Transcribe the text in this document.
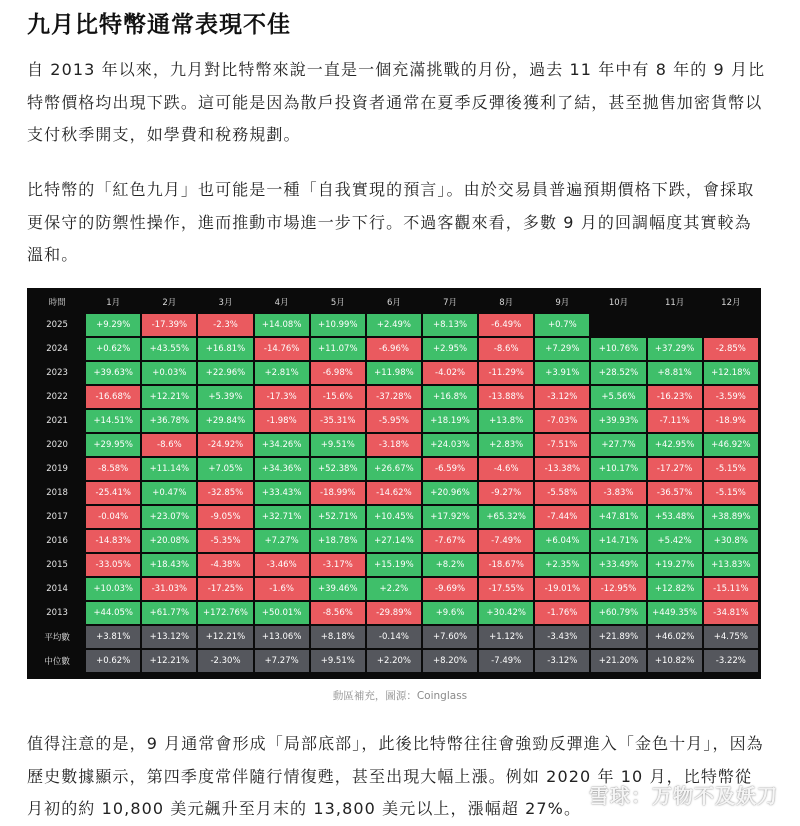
九月比特幣通常表現不佳

自 2013 年以來，九月對比特幣來說一直是一個充滿挑戰的月份，過去 11 年中有 8 年的 9 月比特幣價格均出現下跌。這可能是因為散戶投資者通常在夏季反彈後獲利了結，甚至拋售加密貨幣以支付秋季開支，如學費和稅務規劃。

比特幣的「紅色九月」也可能是一種「自我實現的預言」。由於交易員普遍預期價格下跌，會採取更保守的防禦性操作，進而推動市場進一步下行。不過客觀來看，多數 9 月的回調幅度其實較為溫和。

時間	1月	2月	3月	4月	5月	6月	7月	8月	9月	10月	11月	12月
2025	+9.29%	-17.39%	-2.3%	+14.08%	+10.99%	+2.49%	+8.13%	-6.49%	+0.7%			
2024	+0.62%	+43.55%	+16.81%	-14.76%	+11.07%	-6.96%	+2.95%	-8.6%	+7.29%	+10.76%	+37.29%	-2.85%
2023	+39.63%	+0.03%	+22.96%	+2.81%	-6.98%	+11.98%	-4.02%	-11.29%	+3.91%	+28.52%	+8.81%	+12.18%
2022	-16.68%	+12.21%	+5.39%	-17.3%	-15.6%	-37.28%	+16.8%	-13.88%	-3.12%	+5.56%	-16.23%	-3.59%
2021	+14.51%	+36.78%	+29.84%	-1.98%	-35.31%	-5.95%	+18.19%	+13.8%	-7.03%	+39.93%	-7.11%	-18.9%
2020	+29.95%	-8.6%	-24.92%	+34.26%	+9.51%	-3.18%	+24.03%	+2.83%	-7.51%	+27.7%	+42.95%	+46.92%
2019	-8.58%	+11.14%	+7.05%	+34.36%	+52.38%	+26.67%	-6.59%	-4.6%	-13.38%	+10.17%	-17.27%	-5.15%
2018	-25.41%	+0.47%	-32.85%	+33.43%	-18.99%	-14.62%	+20.96%	-9.27%	-5.58%	-3.83%	-36.57%	-5.15%
2017	-0.04%	+23.07%	-9.05%	+32.71%	+52.71%	+10.45%	+17.92%	+65.32%	-7.44%	+47.81%	+53.48%	+38.89%
2016	-14.83%	+20.08%	-5.35%	+7.27%	+18.78%	+27.14%	-7.67%	-7.49%	+6.04%	+14.71%	+5.42%	+30.8%
2015	-33.05%	+18.43%	-4.38%	-3.46%	-3.17%	+15.19%	+8.2%	-18.67%	+2.35%	+33.49%	+19.27%	+13.83%
2014	+10.03%	-31.03%	-17.25%	-1.6%	+39.46%	+2.2%	-9.69%	-17.55%	-19.01%	-12.95%	+12.82%	-15.11%
2013	+44.05%	+61.77%	+172.76%	+50.01%	-8.56%	-29.89%	+9.6%	+30.42%	-1.76%	+60.79%	+449.35%	-34.81%
平均數	+3.81%	+13.12%	+12.21%	+13.06%	+8.18%	-0.14%	+7.60%	+1.12%	-3.43%	+21.89%	+46.02%	+4.75%
中位數	+0.62%	+12.21%	-2.30%	+7.27%	+9.51%	+2.20%	+8.20%	-7.49%	-3.12%	+21.20%	+10.82%	-3.22%
動區補充，圖源：Coinglass

值得注意的是，9 月通常會形成「局部底部」，此後比特幣往往會強勁反彈進入「金色十月」，因為歷史數據顯示，第四季度常伴隨行情復甦，甚至出現大幅上漲。例如 2020 年 10 月，比特幣從月初的約 10,800 美元飆升至月末的 13,800 美元以上，漲幅超 27%。

雪球：万物不及妖刀
